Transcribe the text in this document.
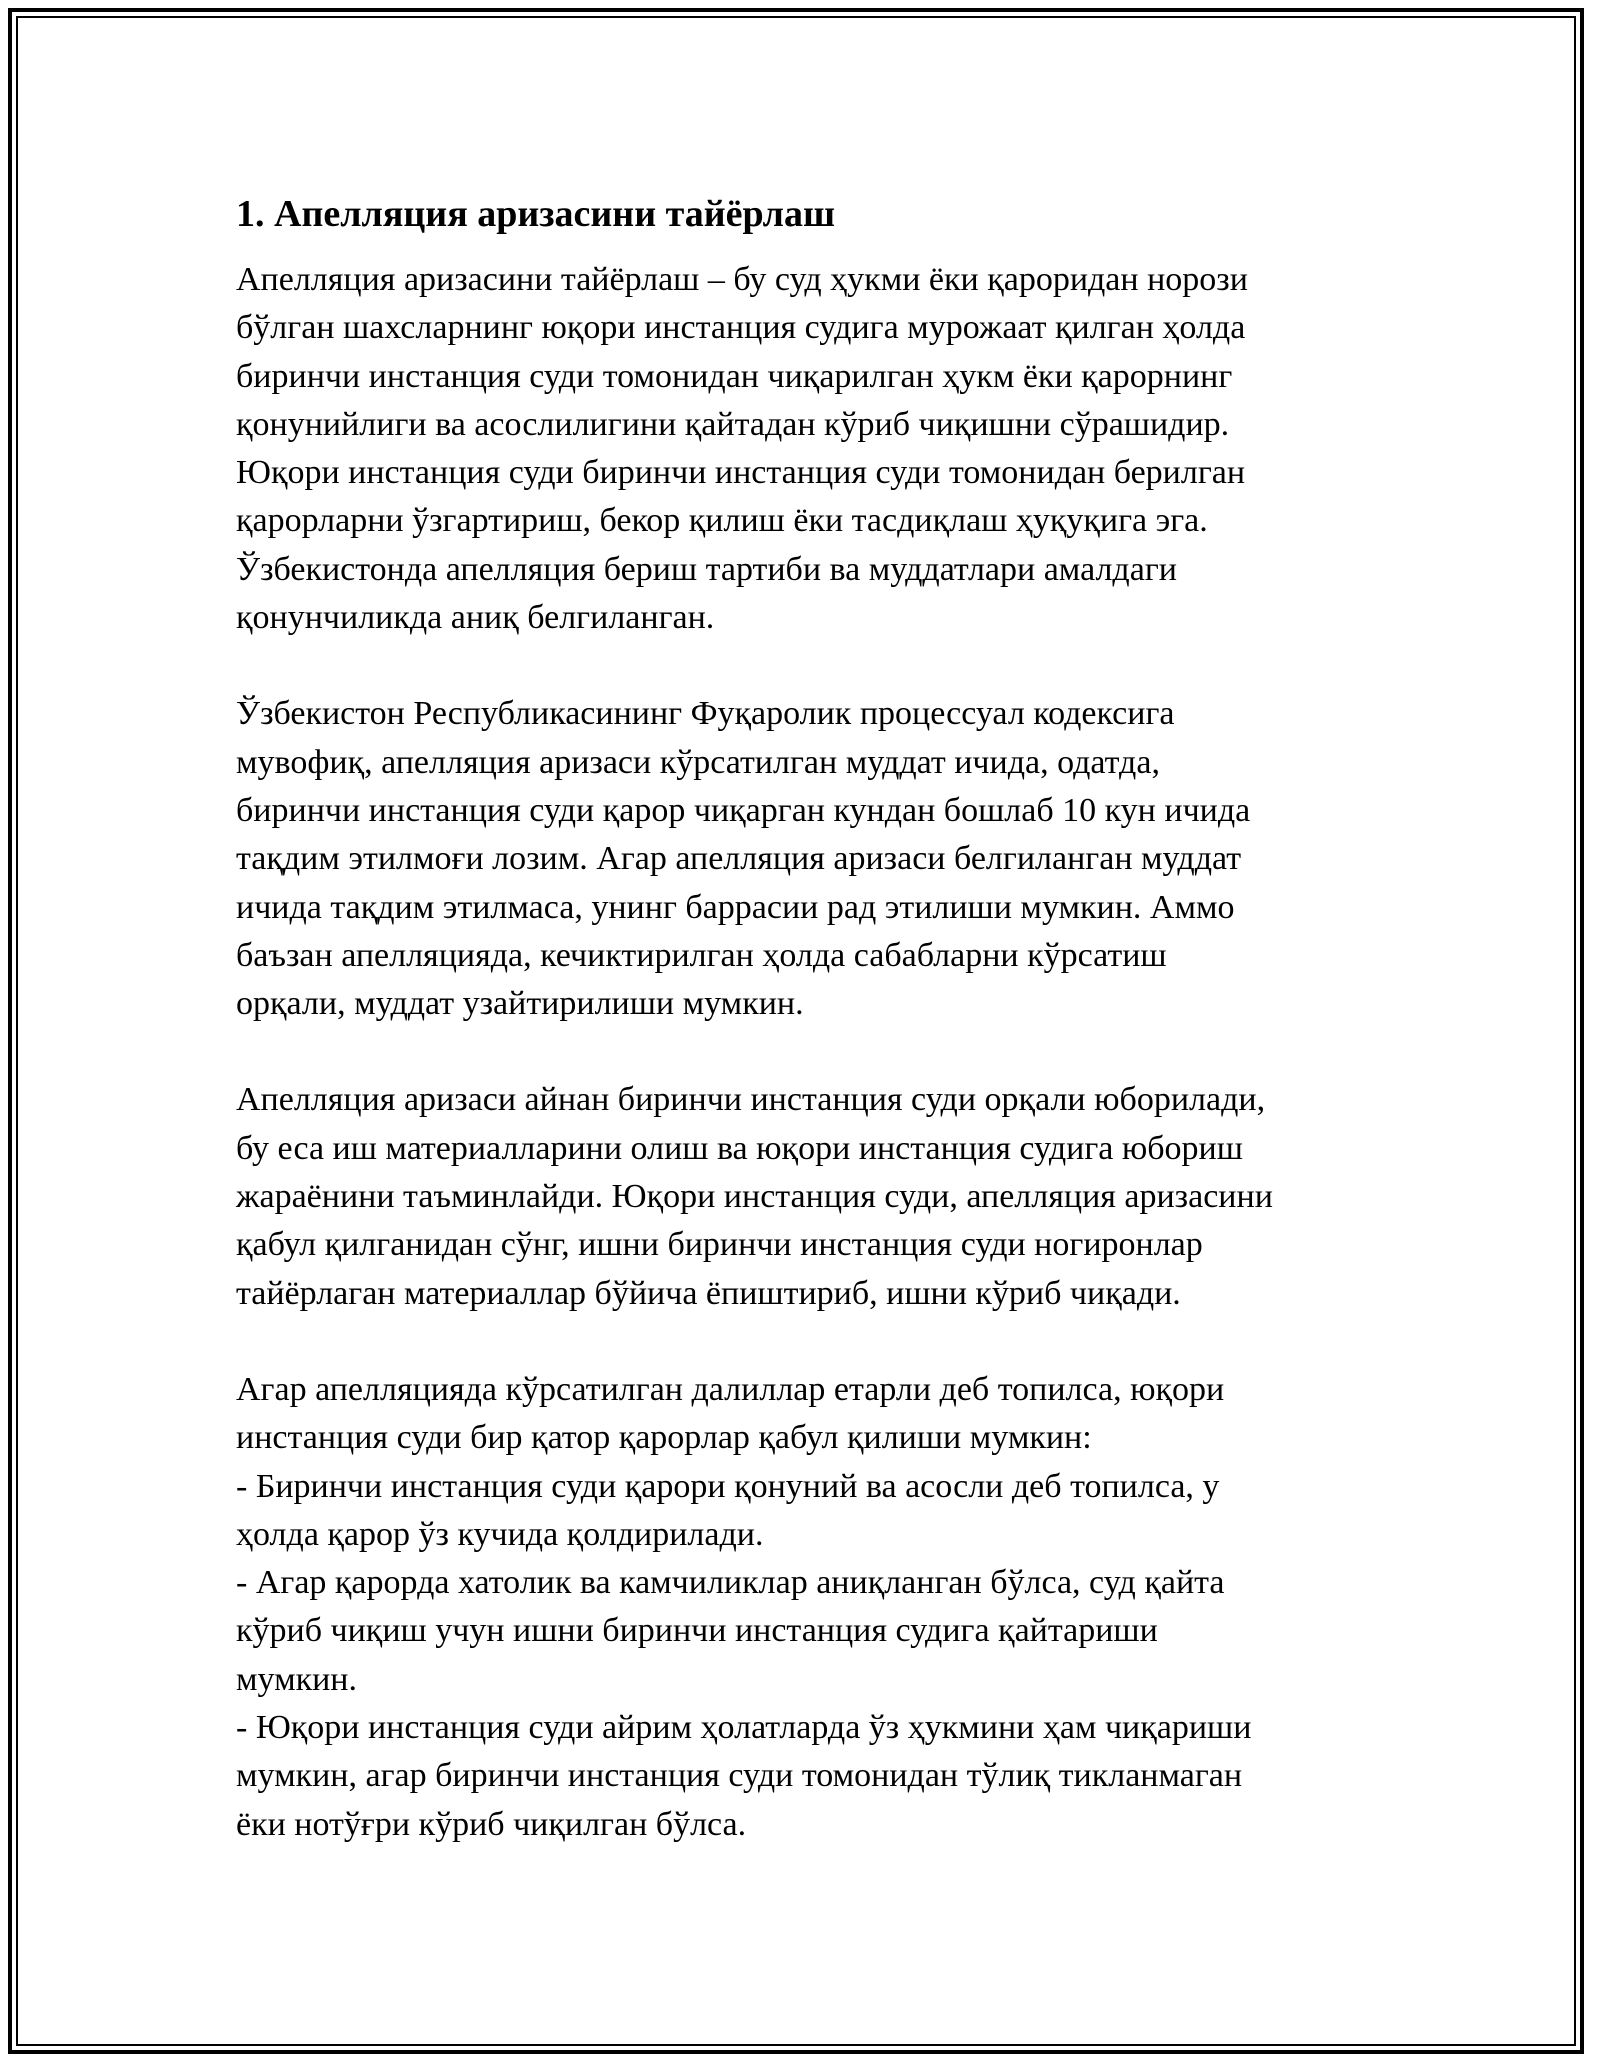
1. Апелляция аризасини тайёрлаш

Апелляция аризасини тайёрлаш – бу суд ҳукми ёки қароридан норози
бўлган шахсларнинг юқори инстанция судига мурожаат қилган ҳолда
биринчи инстанция суди томонидан чиқарилган ҳукм ёки қарорнинг
қонунийлиги ва асослилигини қайтадан кўриб чиқишни сўрашидир.
Юқори инстанция суди биринчи инстанция суди томонидан берилган
қарорларни ўзгартириш, бекор қилиш ёки тасдиқлаш ҳуқуқига эга.
Ўзбекистонда апелляция бериш тартиби ва муддатлари амалдаги
қонунчиликда аниқ белгиланган.

Ўзбекистон Республикасининг Фуқаролик процессуал кодексига
мувофиқ, апелляция аризаси кўрсатилган муддат ичида, одатда,
биринчи инстанция суди қарор чиқарган кундан бошлаб 10 кун ичида
тақдим этилмоғи лозим. Агар апелляция аризаси белгиланган муддат
ичида тақдим этилмаса, унинг баррасии рад этилиши мумкин. Аммо
баъзан апелляцияда, кечиктирилган ҳолда сабабларни кўрсатиш
орқали, муддат узайтирилиши мумкин.

Апелляция аризаси айнан биринчи инстанция суди орқали юборилади,
бу еса иш материалларини олиш ва юқори инстанция судига юбориш
жараёнини таъминлайди. Юқори инстанция суди, апелляция аризасини
қабул қилганидан сўнг, ишни биринчи инстанция суди ногиронлар
тайёрлаган материаллар бўйича ёпиштириб, ишни кўриб чиқади.

Агар апелляцияда кўрсатилган далиллар етарли деб топилса, юқори
инстанция суди бир қатор қарорлар қабул қилиши мумкин:
- Биринчи инстанция суди қарори қонуний ва асосли деб топилса, у
ҳолда қарор ўз кучида қолдирилади.
- Агар қарорда хатолик ва камчиликлар аниқланган бўлса, суд қайта
кўриб чиқиш учун ишни биринчи инстанция судига қайтариши
мумкин.
- Юқори инстанция суди айрим ҳолатларда ўз ҳукмини ҳам чиқариши
мумкин, агар биринчи инстанция суди томонидан тўлиқ тикланмаган
ёки нотўғри кўриб чиқилган бўлса.
